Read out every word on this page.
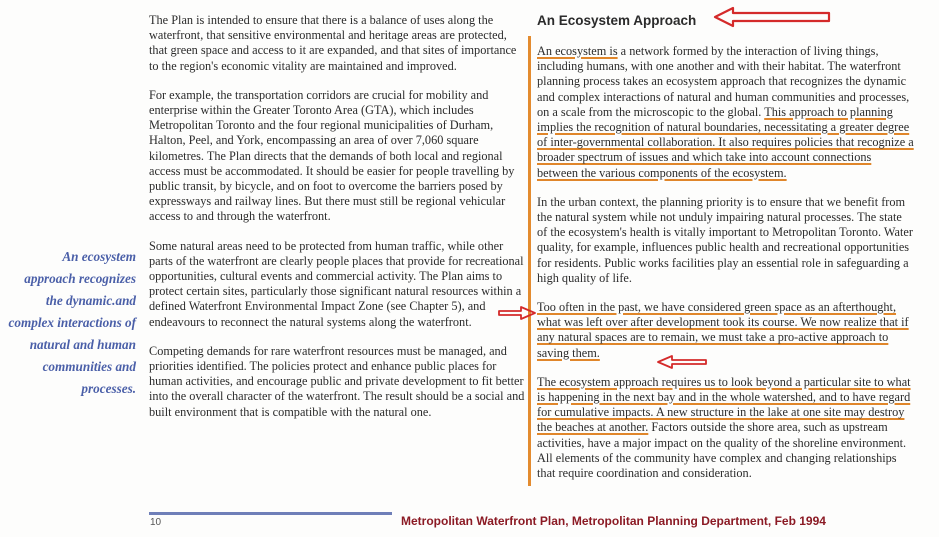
The Plan is intended to ensure that there is a balance of uses along the waterfront, that sensitive environmental and heritage areas are protected, that green space and access to it are expanded, and that sites of importance to the region's economic vitality are maintained and improved.

For example, the transportation corridors are crucial for mobility and enterprise within the Greater Toronto Area (GTA), which includes Metropolitan Toronto and the four regional municipalities of Durham, Halton, Peel, and York, encompassing an area of over 7,060 square kilometres. The Plan directs that the demands of both local and regional access must be accommodated. It should be easier for people travelling by public transit, by bicycle, and on foot to overcome the barriers posed by expressways and railway lines. But there must still be regional vehicular access to and through the waterfront.

Some natural areas need to be protected from human traffic, while other parts of the waterfront are clearly people places that provide for recreational opportunities, cultural events and commercial activity. The Plan aims to protect certain sites, particularly those significant natural resources within a defined Waterfront Environmental Impact Zone (see Chapter 5), and endeavours to reconnect the natural systems along the waterfront.

Competing demands for rare waterfront resources must be managed, and priorities identified. The policies protect and enhance public places for human activities, and encourage public and private development to fit better into the overall character of the waterfront. The result should be a social and built environment that is compatible with the natural one.

An ecosystem approach recognizes the dynamic.and complex interactions of natural and human communities and processes.
An Ecosystem Approach

An ecosystem is a network formed by the interaction of living things, including humans, with one another and with their habitat. The waterfront planning process takes an ecosystem approach that recognizes the dynamic and complex interactions of natural and human communities and processes, on a scale from the microscopic to the global. This approach to planning implies the recognition of natural boundaries, necessitating a greater degree of inter-governmental collaboration. It also requires policies that recognize a broader spectrum of issues and which take into account connections between the various components of the ecosystem.

In the urban context, the planning priority is to ensure that we benefit from the natural system while not unduly impairing natural processes. The state of the ecosystem's health is vitally important to Metropolitan Toronto. Water quality, for example, influences public health and recreational opportunities for residents. Public works facilities play an essential role in safeguarding a high quality of life.

Too often in the past, we have considered green space as an afterthought, what was left over after development took its course. We now realize that if any natural spaces are to remain, we must take a pro-active approach to saving them.

The ecosystem approach requires us to look beyond a particular site to what is happening in the next bay and in the whole watershed, and to have regard for cumulative impacts. A new structure in the lake at one site may destroy the beaches at another. Factors outside the shore area, such as upstream activities, have a major impact on the quality of the shoreline environment. All elements of the community have complex and changing relationships that require coordination and consideration.

10	Metropolitan Waterfront Plan, Metropolitan Planning Department, Feb 1994
